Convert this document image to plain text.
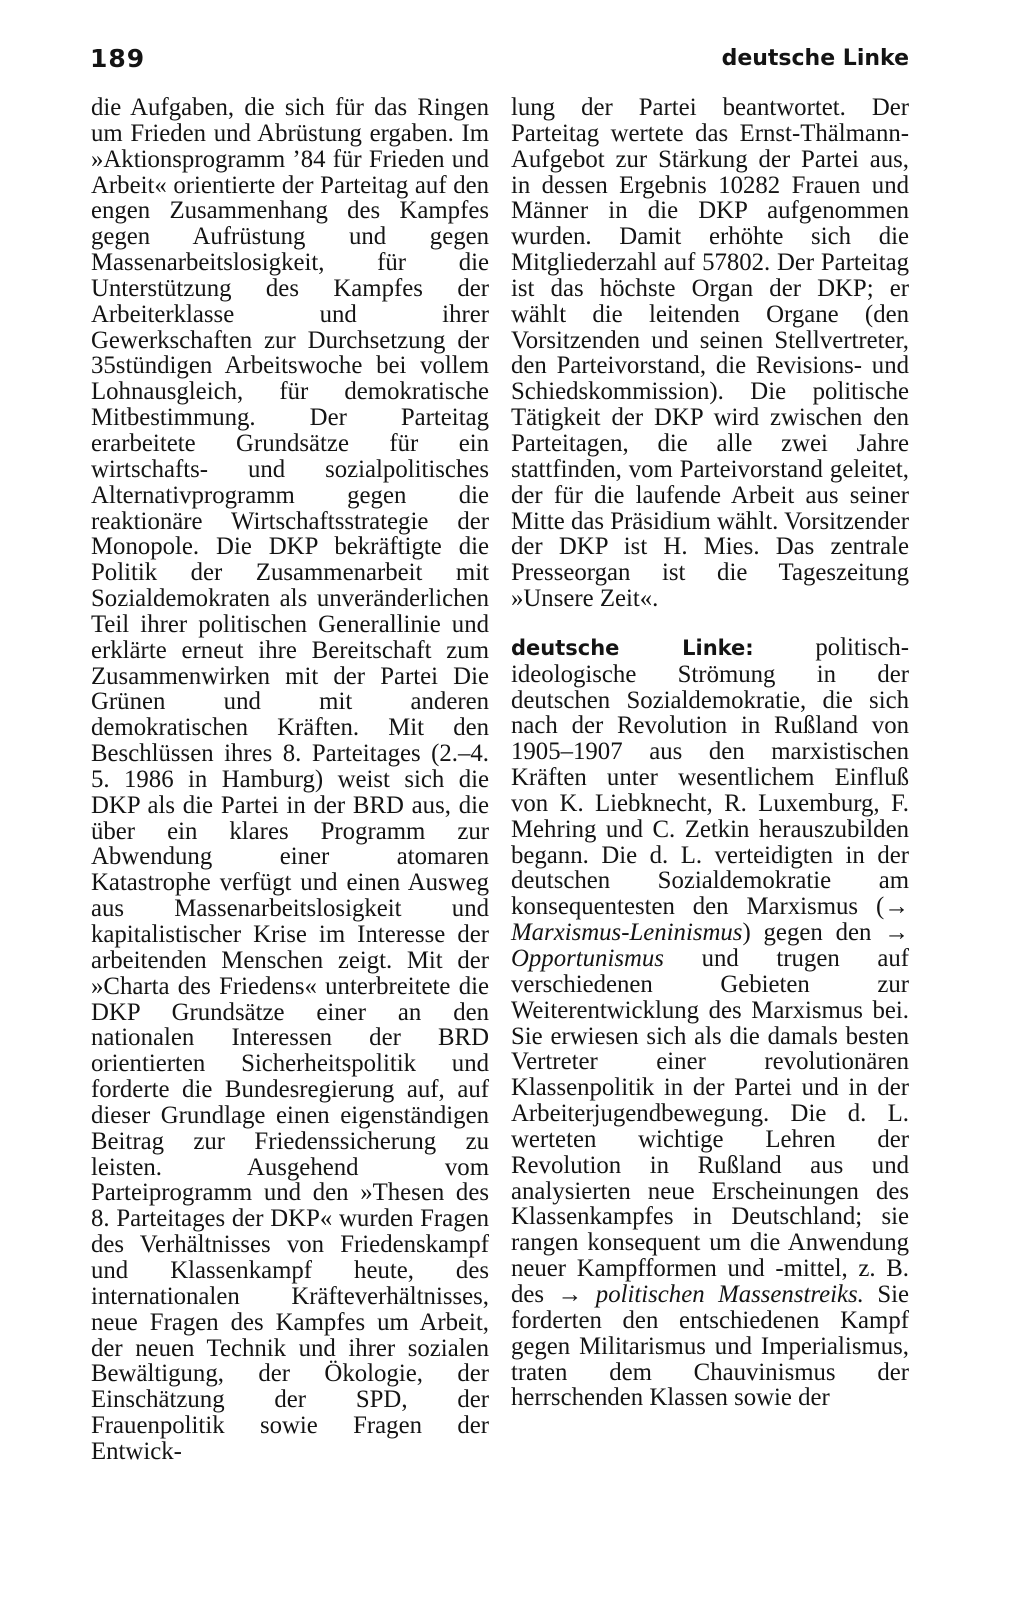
189	deutsche Linke

die Aufgaben, die sich für das Ringen um Frieden und Abrüstung ergaben. Im »Aktionsprogramm ’84 für Frieden und Arbeit« orientierte der Parteitag auf den engen Zusammenhang des Kampfes gegen Aufrüstung und gegen Massenarbeitslosigkeit, für die Unterstützung des Kampfes der Arbeiterklasse und ihrer Gewerkschaften zur Durchsetzung der 35stündigen Arbeitswoche bei vollem Lohnausgleich, für demokratische Mitbestimmung. Der Parteitag erarbeitete Grundsätze für ein wirtschafts- und sozialpolitisches Alternativprogramm gegen die reaktionäre Wirtschaftsstrategie der Monopole. Die DKP bekräftigte die Politik der Zusammenarbeit mit Sozialdemokraten als unveränderlichen Teil ihrer politischen Generallinie und erklärte erneut ihre Bereitschaft zum Zusammenwirken mit der Partei Die Grünen und mit anderen demokratischen Kräften. Mit den Beschlüssen ihres 8. Parteitages (2.–4. 5. 1986 in Hamburg) weist sich die DKP als die Partei in der BRD aus, die über ein klares Programm zur Abwendung einer atomaren Katastrophe verfügt und einen Ausweg aus Massenarbeitslosigkeit und kapitalistischer Krise im Interesse der arbeitenden Menschen zeigt. Mit der »Charta des Friedens« unterbreitete die DKP Grundsätze einer an den nationalen Interessen der BRD orientierten Sicherheitspolitik und forderte die Bundesregierung auf, auf dieser Grundlage einen eigenständigen Beitrag zur Friedenssicherung zu leisten. Ausgehend vom Parteiprogramm und den »Thesen des 8. Parteitages der DKP« wurden Fragen des Verhältnisses von Friedenskampf und Klassenkampf heute, des internationalen Kräfteverhältnisses, neue Fragen des Kampfes um Arbeit, der neuen Technik und ihrer sozialen Bewältigung, der Ökologie, der Einschätzung der SPD, der Frauenpolitik sowie Fragen der Entwick-

lung der Partei beantwortet. Der Parteitag wertete das Ernst-Thälmann-Aufgebot zur Stärkung der Partei aus, in dessen Ergebnis 10282 Frauen und Männer in die DKP aufgenommen wurden. Damit erhöhte sich die Mitgliederzahl auf 57802. Der Parteitag ist das höchste Organ der DKP; er wählt die leitenden Organe (den Vorsitzenden und seinen Stellvertreter, den Parteivorstand, die Revisions- und Schiedskommission). Die politische Tätigkeit der DKP wird zwischen den Parteitagen, die alle zwei Jahre stattfinden, vom Parteivorstand geleitet, der für die laufende Arbeit aus seiner Mitte das Präsidium wählt. Vorsitzender der DKP ist H. Mies. Das zentrale Presseorgan ist die Tageszeitung »Unsere Zeit«.

deutsche Linke: politisch-ideologische Strömung in der deutschen Sozialdemokratie, die sich nach der Revolution in Rußland von 1905–1907 aus den marxistischen Kräften unter wesentlichem Einfluß von K. Liebknecht, R. Luxemburg, F. Mehring und C. Zetkin herauszubilden begann. Die d. L. verteidigten in der deutschen Sozialdemokratie am konsequentesten den Marxismus (→ Marxismus-Leninismus) gegen den → Opportunismus und trugen auf verschiedenen Gebieten zur Weiterentwicklung des Marxismus bei. Sie erwiesen sich als die damals besten Vertreter einer revolutionären Klassenpolitik in der Partei und in der Arbeiterjugendbewegung. Die d. L. werteten wichtige Lehren der Revolution in Rußland aus und analysierten neue Erscheinungen des Klassenkampfes in Deutschland; sie rangen konsequent um die Anwendung neuer Kampfformen und -mittel, z. B. des → politischen Massenstreiks. Sie forderten den entschiedenen Kampf gegen Militarismus und Imperialismus, traten dem Chauvinismus der herrschenden Klassen sowie der
